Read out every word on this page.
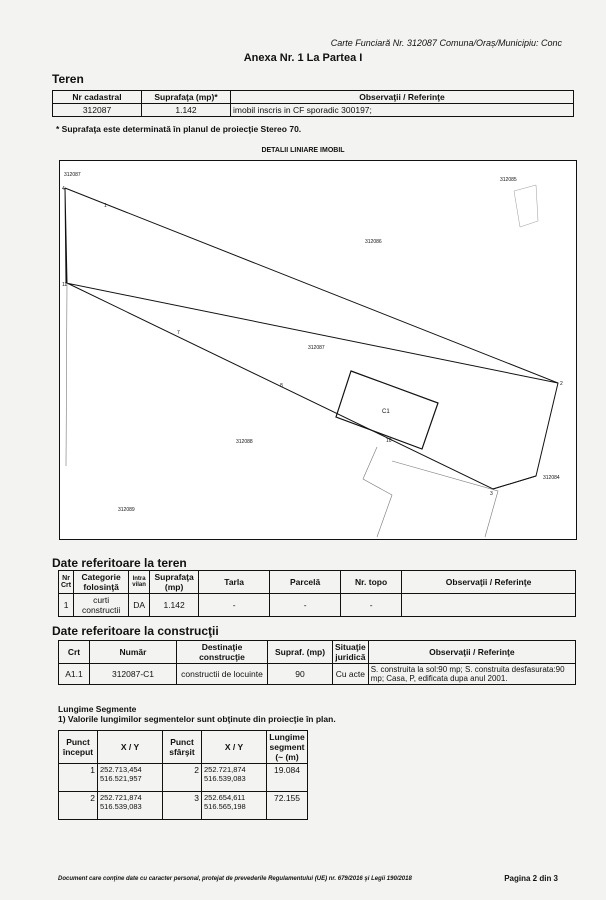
Carte Funciară Nr. 312087 Comuna/Oraș/Municipiu: Conc
Anexa Nr. 1 La Partea I
Teren
Nr cadastral	Suprafaţa (mp)*	Observaţii / Referinţe
312087	1.142	imobil inscris in CF sporadic 300197;
* Suprafaţa este determinată în planul de proiecţie Stereo 70.
DETALII LINIARE IMOBIL
312087
312085
312086
312087
312088
312084
312089
C1
1
2
3
4
7
8
10
11
Date referitoare la teren
Nr Crt	Categorie folosinţă	Intra vilan	Suprafaţa (mp)	Tarla	Parcelă	Nr. topo	Observaţii / Referinţe
1	curti constructii	DA	1.142	-	-	-	
Date referitoare la construcţii
Crt	Număr	Destinaţie construcţie	Supraf. (mp)	Situaţie juridică	Observaţii / Referinţe
A1.1	312087-C1	constructii de locuinte	90	Cu acte	S. construita la sol:90 mp; S. construita desfasurata:90 mp; Casa, P, edificata dupa anul 2001.
Lungime Segmente
1) Valorile lungimilor segmentelor sunt obţinute din proiecţie în plan.
Punct început	X / Y	Punct sfârşit	X / Y	Lungime segment (~ (m)
1	252.713,454
516.521,957	2	252.721,874
516.539,083	19.084
2	252.721,874
516.539,083	3	252.654,611
516.565,198	72.155
Document care conţine date cu caracter personal, protejat de prevederile Regulamentului (UE) nr. 679/2016 şi Legii 190/2018	Pagina 2 din 3
